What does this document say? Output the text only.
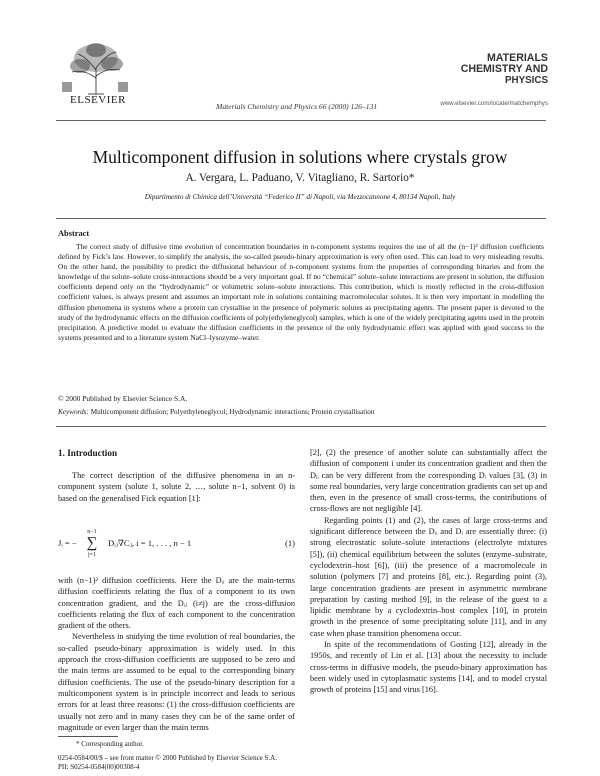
ELSEVIER
Materials Chemistry and Physics 66 (2000) 126–131
MATERIALS
CHEMISTRY AND
PHYSICS
www.elsevier.com/locate/matchemphys
Multicomponent diffusion in solutions where crystals grow
A. Vergara, L. Paduano, V. Vitagliano, R. Sartorio*
Dipartimento di Chimica dell’Università “Federico II” di Napoli, via Mezzocannone 4, 80134 Napoli, Italy
Abstract

The correct study of diffusive time evolution of concentration boundaries in n-component systems requires the use of all the (n−1)² diffusion coefficients defined by Fick’s law. However, to simplify the analysis, the so-called pseudo-binary approximation is very often used. This can lead to very misleading results. On the other hand, the possibility to predict the diffusional behaviour of n-component systems from the properties of corresponding binaries and from the knowledge of the solute–solute cross-interactions should be a very important goal. If no “chemical” solute–solute interactions are present in solution, the diffusion coefficients depend only on the “hydrodynamic” or volumetric solute–solute interactions. This contribution, which is mostly reflected in the cross-diffusion coefficient values, is always present and assumes an important role in solutions containing macromolecular solutes. It is then very important in modelling the diffusion phenomena in systems where a protein can crystallise in the presence of polymeric solutes as precipitating agents. The present paper is devoted to the study of the hydrodynamic effects on the diffusion coefficients of poly(ethyleneglycol) samples, which is one of the widely precipitating agents used in the protein precipitation. A predictive model to evaluate the diffusion coefficients in the presence of the only hydrodynamic effect was applied with good success to the systems presented and to a literature system NaCl–lysozyme–water.

© 2000 Published by Elsevier Science S.A.
Keywords: Multicomponent diffusion; Polyethyleneglycol; Hydrodynamic interactions; Protein crystallisation
1. Introduction

The correct description of the diffusive phenomena in an n-component system (solute 1, solute 2, …, solute n−1, solvent 0) is based on the generalised Fick equation [1]:

Jᵢ = −
n−1
∑
j=1
Dᵢⱼ∇Cⱼ, i = 1, . . . , n − 1	(1)

with (n−1)² diffusion coefficients. Here the Dᵢᵢ are the main-terms diffusion coefficients relating the flux of a component to its own concentration gradient, and the Dᵢⱼ (i≠j) are the cross-diffusion coefficients relating the flux of each component to the concentration gradient of the others.

Nevertheless in studying the time evolution of real boundaries, the so-called pseudo-binary approximation is widely used. In this approach the cross-diffusion coefficients are supposed to be zero and the main terms are assumed to be equal to the corresponding binary diffusion coefficients. The use of the pseudo-binary description for a multicomponent system is in principle incorrect and leads to serious errors for at least three reasons: (1) the cross-diffusion coefficients are usually not zero and in many cases they can be of the same order of magnitude or even larger than the main terms

[2], (2) the presence of another solute can substantially affect the diffusion of component i under its concentration gradient and then the Dᵢᵢ can be very different from the corresponding Dᵢ values [3], (3) in some real boundaries, very large concentration gradients can set up and then, even in the presence of small cross-terms, the contributions of cross-flows are not negligible [4].

Regarding points (1) and (2), the cases of large cross-terms and significant difference between the Dᵢᵢ and Dᵢ are essentially three: (i) strong electrostatic solute–solute interactions (electrolyte mixtures [5]), (ii) chemical equilibrium between the solutes (enzyme–substrate, cyclodextrin–host [6]), (iii) the presence of a macromolecule in solution (polymers [7] and proteins [8], etc.). Regarding point (3), large concentration gradients are present in asymmetric membrane preparation by casting method [9], in the release of the guest to a lipidic membrane by a cyclodextrin–host complex [10], in protein growth in the presence of some precipitating solute [11], and in any case when phase transition phenomena occur.

In spite of the recommendations of Gosting [12], already in the 1950s, and recently of Lin et al. [13] about the necessity to include cross-terms in diffusive models, the pseudo-binary approximation has been widely used in cytoplasmatic systems [14], and to model crystal growth of proteins [15] and virus [16].

* Corresponding author.
0254-0584/00/$ – see front matter © 2000 Published by Elsevier Science S.A.
PII: S0254-0584(00)00308-4
